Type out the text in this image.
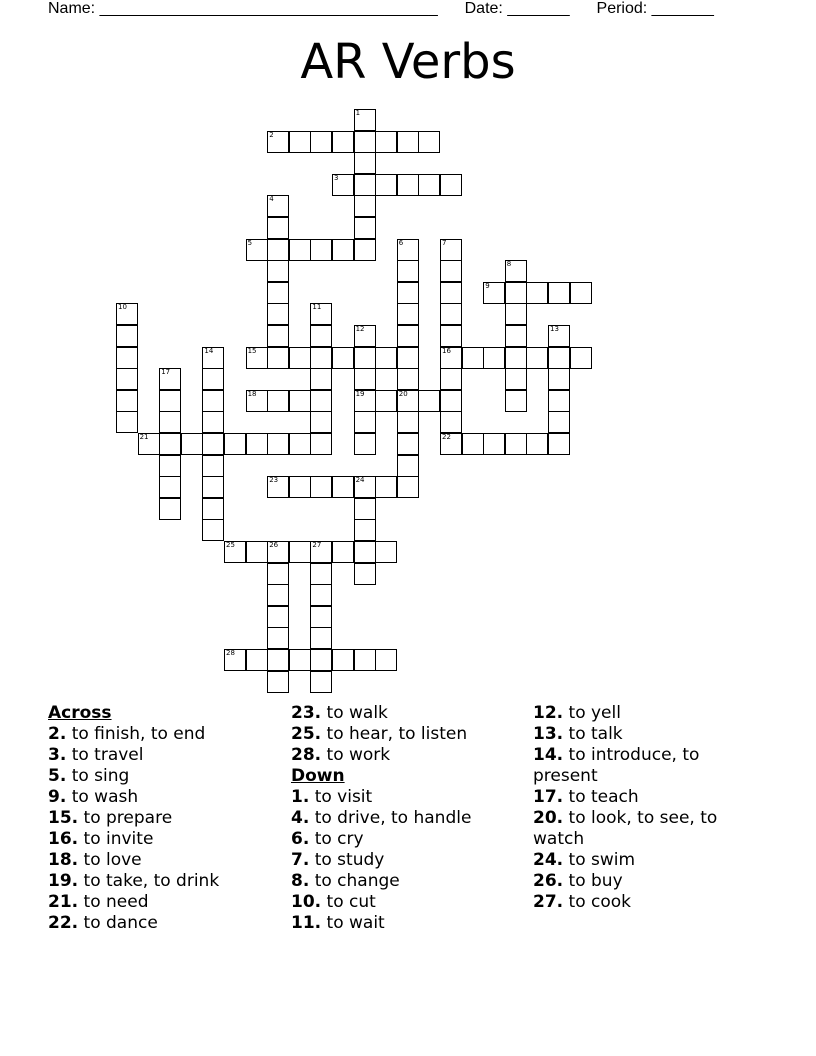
Name: ______________________________________ Date: _______ Period: _______
AR Verbs
1
2
3
4
5	6	7
16
8
9
10	11
12
19
13
14	15
17
18	20
21	22
23	24
25	26	27
28
Across
2. to finish, to end
3. to travel
5. to sing
9. to wash
15. to prepare
16. to invite
18. to love
19. to take, to drink
21. to need
22. to dance
23. to walk
25. to hear, to listen
28. to work
Down
1. to visit
4. to drive, to handle
6. to cry
7. to study
8. to change
10. to cut
11. to wait
12. to yell
13. to talk
14. to introduce, to present
17. to teach
20. to look, to see, to watch
24. to swim
26. to buy
27. to cook
